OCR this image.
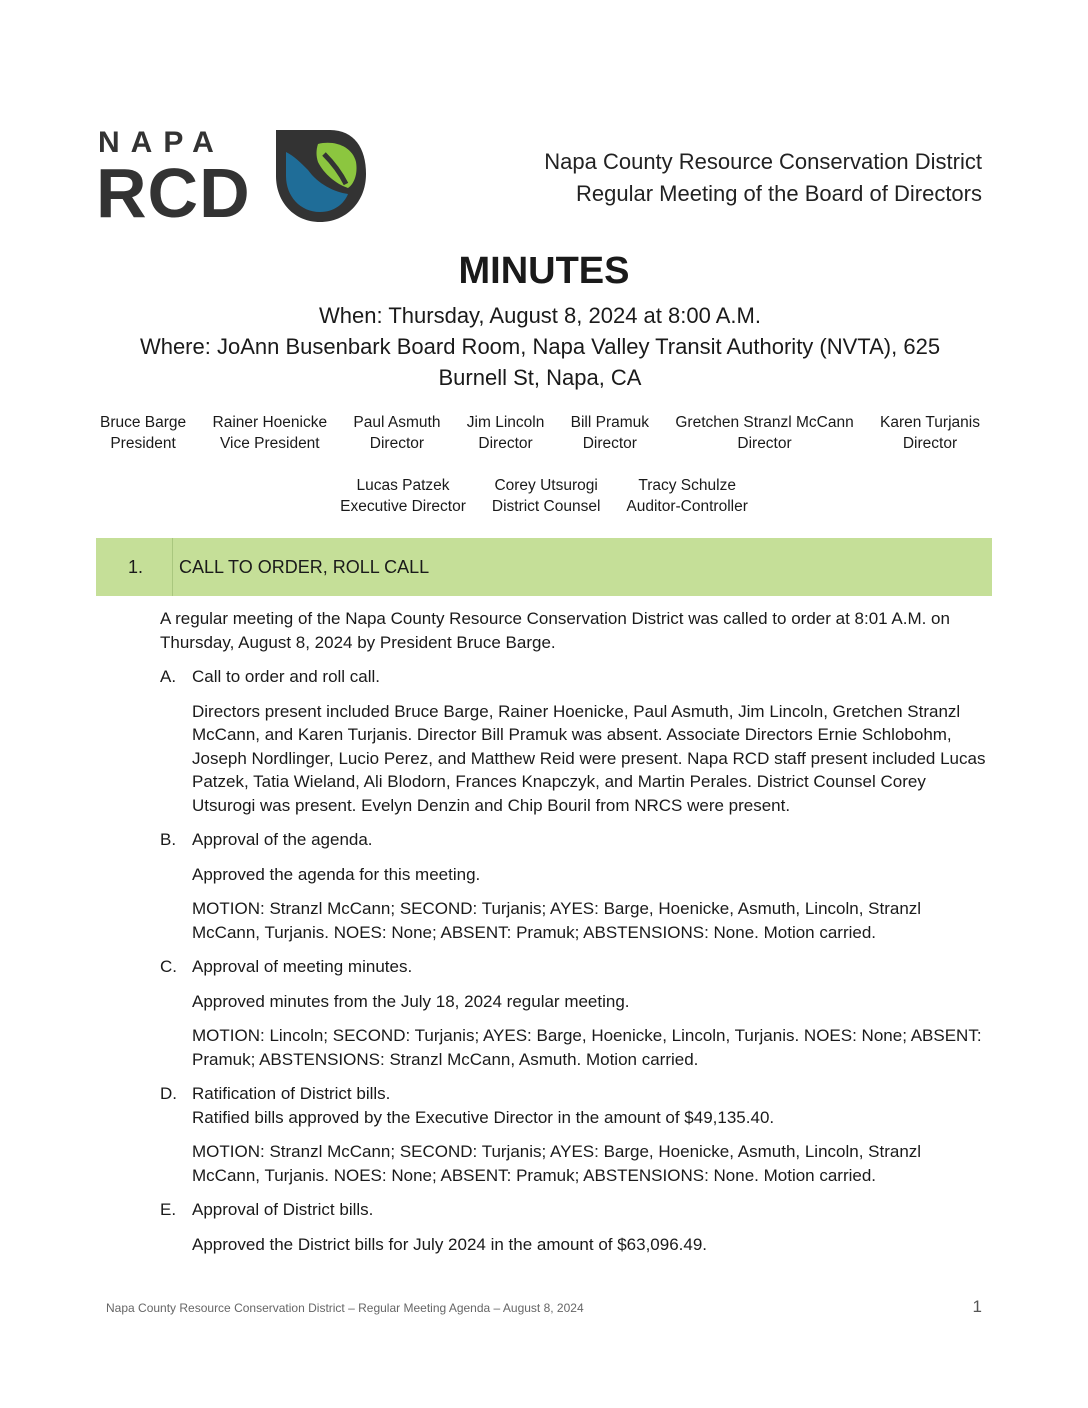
NAPA
RCD	Napa County Resource Conservation District
Regular Meeting of the Board of Directors
MINUTES
When: Thursday, August 8, 2024 at 8:00 A.M.
Where: JoAnn Busenbark Board Room, Napa Valley Transit Authority (NVTA), 625
Burnell St, Napa, CA
Bruce Barge
President
Rainer Hoenicke
Vice President
Paul Asmuth
Director
Jim Lincoln
Director
Bill Pramuk
Director
Gretchen Stranzl McCann
Director
Karen Turjanis
Director
Lucas Patzek
Executive Director
Corey Utsurogi
District Counsel
Tracy Schulze
Auditor-Controller
1. CALL TO ORDER, ROLL CALL

A regular meeting of the Napa County Resource Conservation District was called to order at 8:01 A.M. on Thursday, August 8, 2024 by President Bruce Barge.

A. Call to order and roll call.

Directors present included Bruce Barge, Rainer Hoenicke, Paul Asmuth, Jim Lincoln, Gretchen Stranzl McCann, and Karen Turjanis. Director Bill Pramuk was absent. Associate Directors Ernie Schlobohm, Joseph Nordlinger, Lucio Perez, and Matthew Reid were present. Napa RCD staff present included Lucas Patzek, Tatia Wieland, Ali Blodorn, Frances Knapczyk, and Martin Perales. District Counsel Corey Utsurogi was present. Evelyn Denzin and Chip Bouril from NRCS were present.

B. Approval of the agenda.

Approved the agenda for this meeting.

MOTION: Stranzl McCann; SECOND: Turjanis; AYES: Barge, Hoenicke, Asmuth, Lincoln, Stranzl McCann, Turjanis. NOES: None; ABSENT: Pramuk; ABSTENSIONS: None. Motion carried.

C. Approval of meeting minutes.

Approved minutes from the July 18, 2024 regular meeting.

MOTION: Lincoln; SECOND: Turjanis; AYES: Barge, Hoenicke, Lincoln, Turjanis. NOES: None; ABSENT: Pramuk; ABSTENSIONS: Stranzl McCann, Asmuth. Motion carried.

D. Ratification of District bills.

Ratified bills approved by the Executive Director in the amount of $49,135.40.

MOTION: Stranzl McCann; SECOND: Turjanis; AYES: Barge, Hoenicke, Asmuth, Lincoln, Stranzl McCann, Turjanis. NOES: None; ABSENT: Pramuk; ABSTENSIONS: None. Motion carried.

E. Approval of District bills.

Approved the District bills for July 2024 in the amount of $63,096.49.

Napa County Resource Conservation District – Regular Meeting Agenda – August 8, 2024	1
